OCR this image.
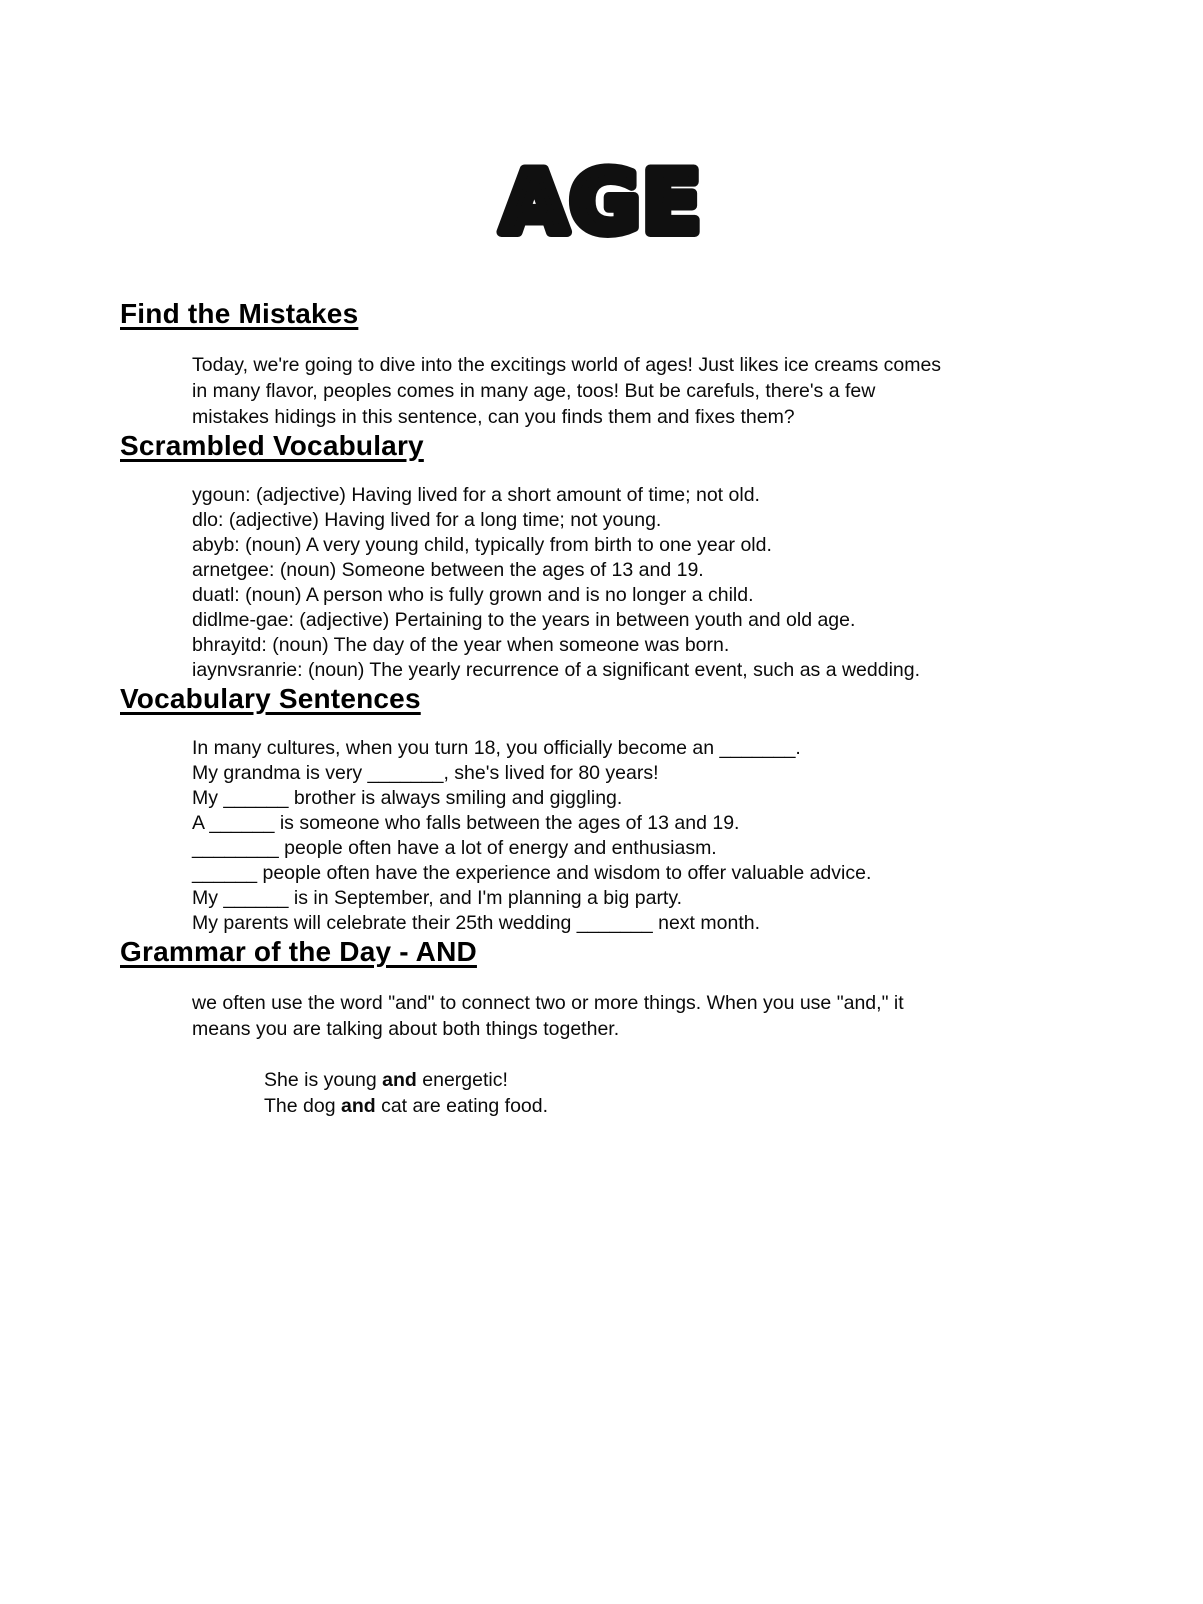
AGE
Find the Mistakes
Today, we're going to dive into the excitings world of ages! Just likes ice creams comes
in many flavor, peoples comes in many age, toos! But be carefuls, there's a few
mistakes hidings in this sentence, can you finds them and fixes them?
Scrambled Vocabulary
ygoun: (adjective) Having lived for a short amount of time; not old.
dlo: (adjective) Having lived for a long time; not young.
abyb: (noun) A very young child, typically from birth to one year old.
arnetgee: (noun) Someone between the ages of 13 and 19.
duatl: (noun) A person who is fully grown and is no longer a child.
didlme-gae: (adjective) Pertaining to the years in between youth and old age.
bhrayitd: (noun) The day of the year when someone was born.
iaynvsranrie: (noun) The yearly recurrence of a significant event, such as a wedding.
Vocabulary Sentences
In many cultures, when you turn 18, you officially become an _______.
My grandma is very _______, she's lived for 80 years!
My ______ brother is always smiling and giggling.
A ______ is someone who falls between the ages of 13 and 19.
________ people often have a lot of energy and enthusiasm.
______ people often have the experience and wisdom to offer valuable advice.
My ______ is in September, and I'm planning a big party.
My parents will celebrate their 25th wedding _______ next month.
Grammar of the Day - AND
we often use the word "and" to connect two or more things. When you use "and," it
means you are talking about both things together.
She is young and energetic!
The dog and cat are eating food.
